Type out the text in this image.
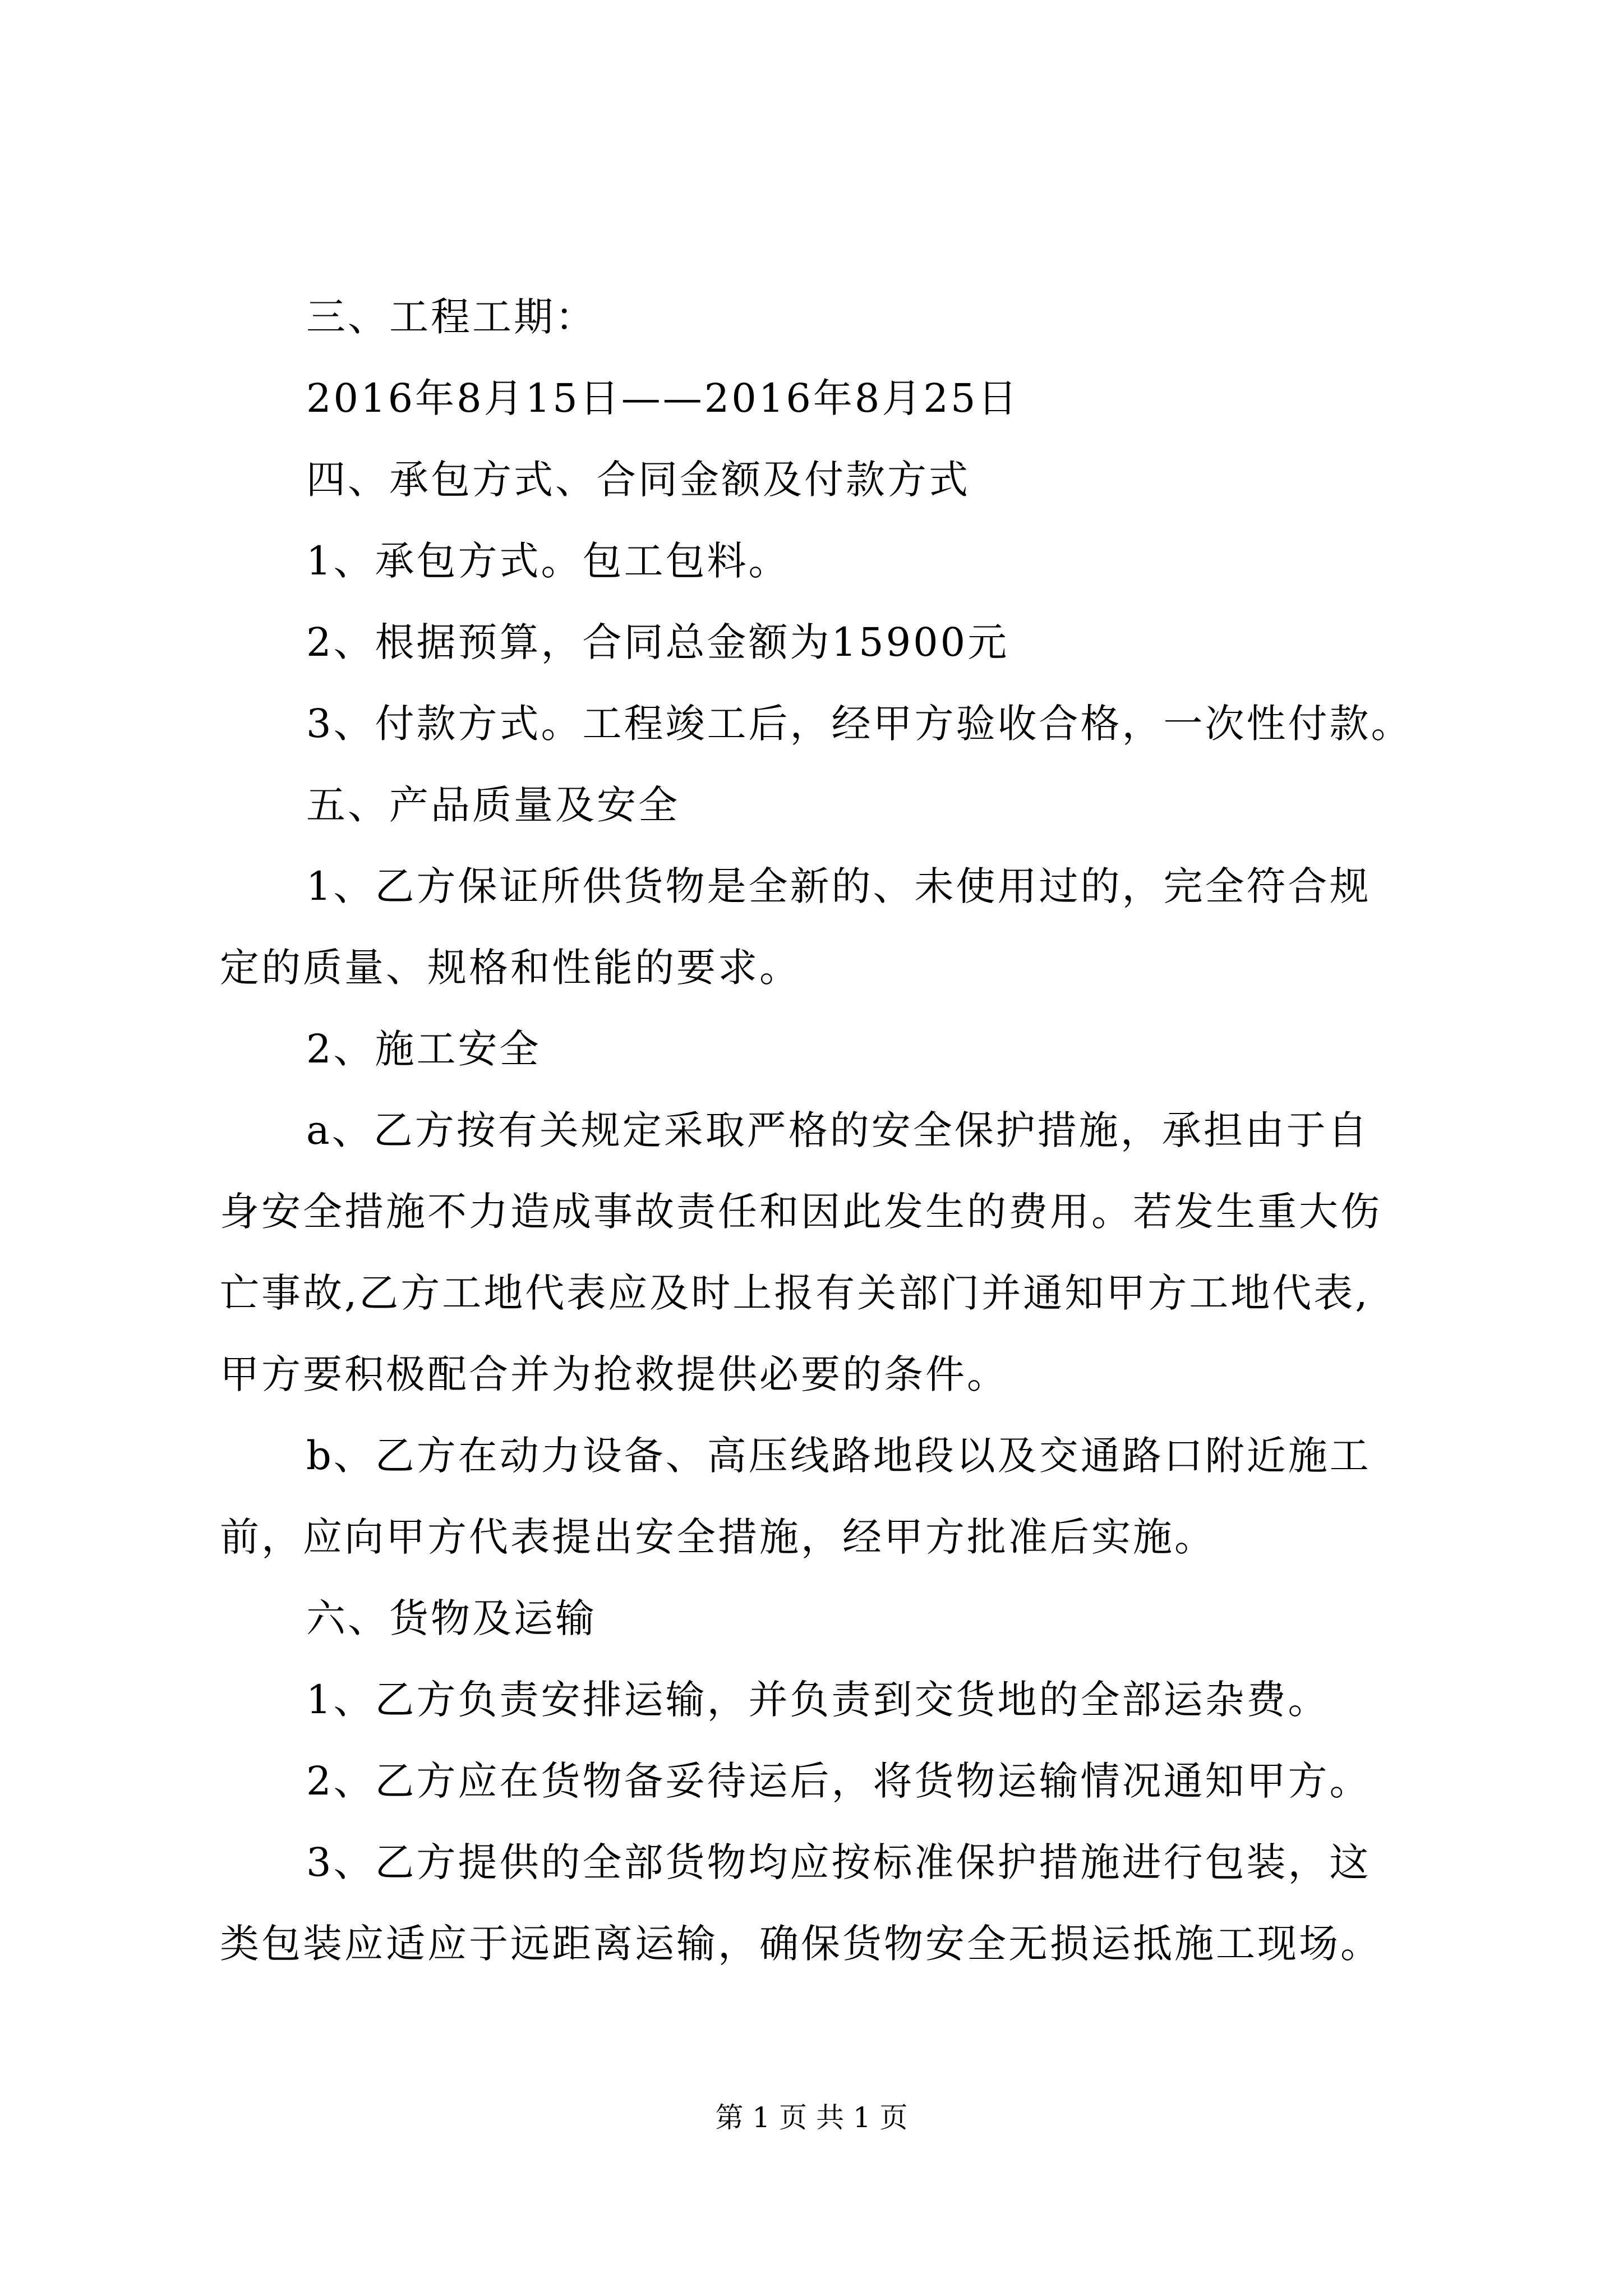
三、工程工期：
2016年8月15日——2016年8月25日
四、承包方式、合同金额及付款方式
1、承包方式。包工包料。
2、根据预算，合同总金额为15900元
3、付款方式。工程竣工后，经甲方验收合格，一次性付款。
五、产品质量及安全
1、乙方保证所供货物是全新的、未使用过的，完全符合规
定的质量、规格和性能的要求。
2、施工安全
a、乙方按有关规定采取严格的安全保护措施，承担由于自
身安全措施不力造成事故责任和因此发生的费用。若发生重大伤
亡事故,乙方工地代表应及时上报有关部门并通知甲方工地代表,
甲方要积极配合并为抢救提供必要的条件。
b、乙方在动力设备、高压线路地段以及交通路口附近施工
前，应向甲方代表提出安全措施，经甲方批准后实施。
六、货物及运输
1、乙方负责安排运输，并负责到交货地的全部运杂费。
2、乙方应在货物备妥待运后，将货物运输情况通知甲方。
3、乙方提供的全部货物均应按标准保护措施进行包装，这
类包装应适应于远距离运输，确保货物安全无损运抵施工现场。
第 1 页 共 1 页
